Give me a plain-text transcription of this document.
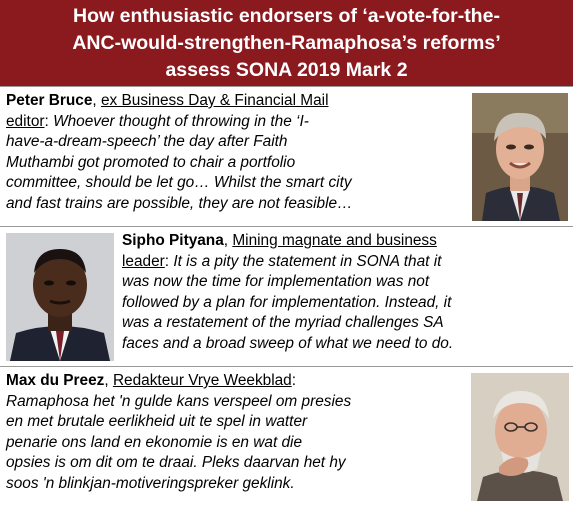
How enthusiastic endorsers of ‘a-vote-for-the-
ANC-would-strengthen-Ramaphosa’s reforms’
assess SONA 2019 Mark 2
Peter Bruce, ex Business Day & Financial Mail
editor: Whoever thought of throwing in the ‘I-
have-a-dream-speech’ the day after Faith
Muthambi got promoted to chair a portfolio
committee, should be let go… Whilst the smart city
and fast trains are possible, they are not feasible…
Sipho Pityana, Mining magnate and business
leader: It is a pity the statement in SONA that it
was now the time for implementation was not
followed by a plan for implementation. Instead, it
was a restatement of the myriad challenges SA
faces and a broad sweep of what we need to do.
Max du Preez, Redakteur Vrye Weekblad:
Ramaphosa het 'n gulde kans verspeel om presies
en met brutale eerlikheid uit te spel in watter
penarie ons land en ekonomie is en wat die
opsies is om dit om te draai. Pleks daarvan het hy
soos 'n blinkjan-motiveringspreker geklink.
